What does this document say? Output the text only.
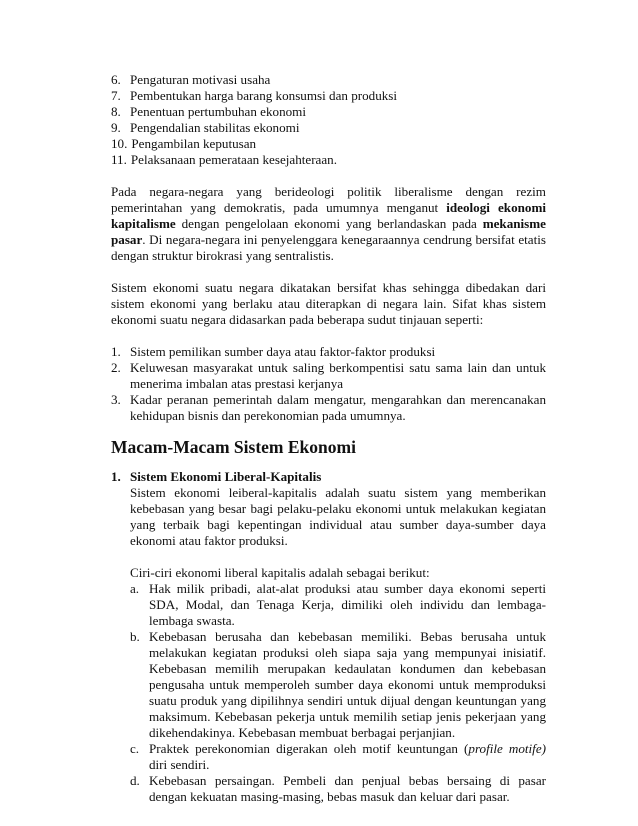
6. Pengaturan motivasi usaha
7. Pembentukan harga barang konsumsi dan produksi
8. Penentuan pertumbuhan ekonomi
9. Pengendalian stabilitas ekonomi
10. Pengambilan keputusan
11. Pelaksanaan pemerataan kesejahteraan.

Pada negara-negara yang berideologi politik liberalisme dengan rezim pemerintahan yang demokratis, pada umumnya menganut ideologi ekonomi kapitalisme dengan pengelolaan ekonomi yang berlandaskan pada mekanisme pasar. Di negara-negara ini penyelenggara kenegaraannya cendrung bersifat etatis dengan struktur birokrasi yang sentralistis.

Sistem ekonomi suatu negara dikatakan bersifat khas sehingga dibedakan dari sistem ekonomi yang berlaku atau diterapkan di negara lain. Sifat khas sistem ekonomi suatu negara didasarkan pada beberapa sudut tinjauan seperti:

1. Sistem pemilikan sumber daya atau faktor-faktor produksi
2. Keluwesan masyarakat untuk saling berkompentisi satu sama lain dan untuk menerima imbalan atas prestasi kerjanya
3. Kadar peranan pemerintah dalam mengatur, mengarahkan dan merencanakan kehidupan bisnis dan perekonomian pada umumnya.
Macam-Macam Sistem Ekonomi
1. Sistem Ekonomi Liberal-Kapitalis

Sistem ekonomi leiberal-kapitalis adalah suatu sistem yang memberikan kebebasan yang besar bagi pelaku-pelaku ekonomi untuk melakukan kegiatan yang terbaik bagi kepentingan individual atau sumber daya-sumber daya ekonomi atau faktor produksi.

Ciri-ciri ekonomi liberal kapitalis adalah sebagai berikut:

a. Hak milik pribadi, alat-alat produksi atau sumber daya ekonomi seperti SDA, Modal, dan Tenaga Kerja, dimiliki oleh individu dan lembaga-lembaga swasta.
b. Kebebasan berusaha dan kebebasan memiliki. Bebas berusaha untuk melakukan kegiatan produksi oleh siapa saja yang mempunyai inisiatif. Kebebasan memilih merupakan kedaulatan kondumen dan kebebasan pengusaha untuk memperoleh sumber daya ekonomi untuk memproduksi suatu produk yang dipilihnya sendiri untuk dijual dengan keuntungan yang maksimum. Kebebasan pekerja untuk memilih setiap jenis pekerjaan yang dikehendakinya. Kebebasan membuat berbagai perjanjian.
c. Praktek perekonomian digerakan oleh motif keuntungan (profile motife) diri sendiri.
d. Kebebasan persaingan. Pembeli dan penjual bebas bersaing di pasar dengan kekuatan masing-masing, bebas masuk dan keluar dari pasar.
